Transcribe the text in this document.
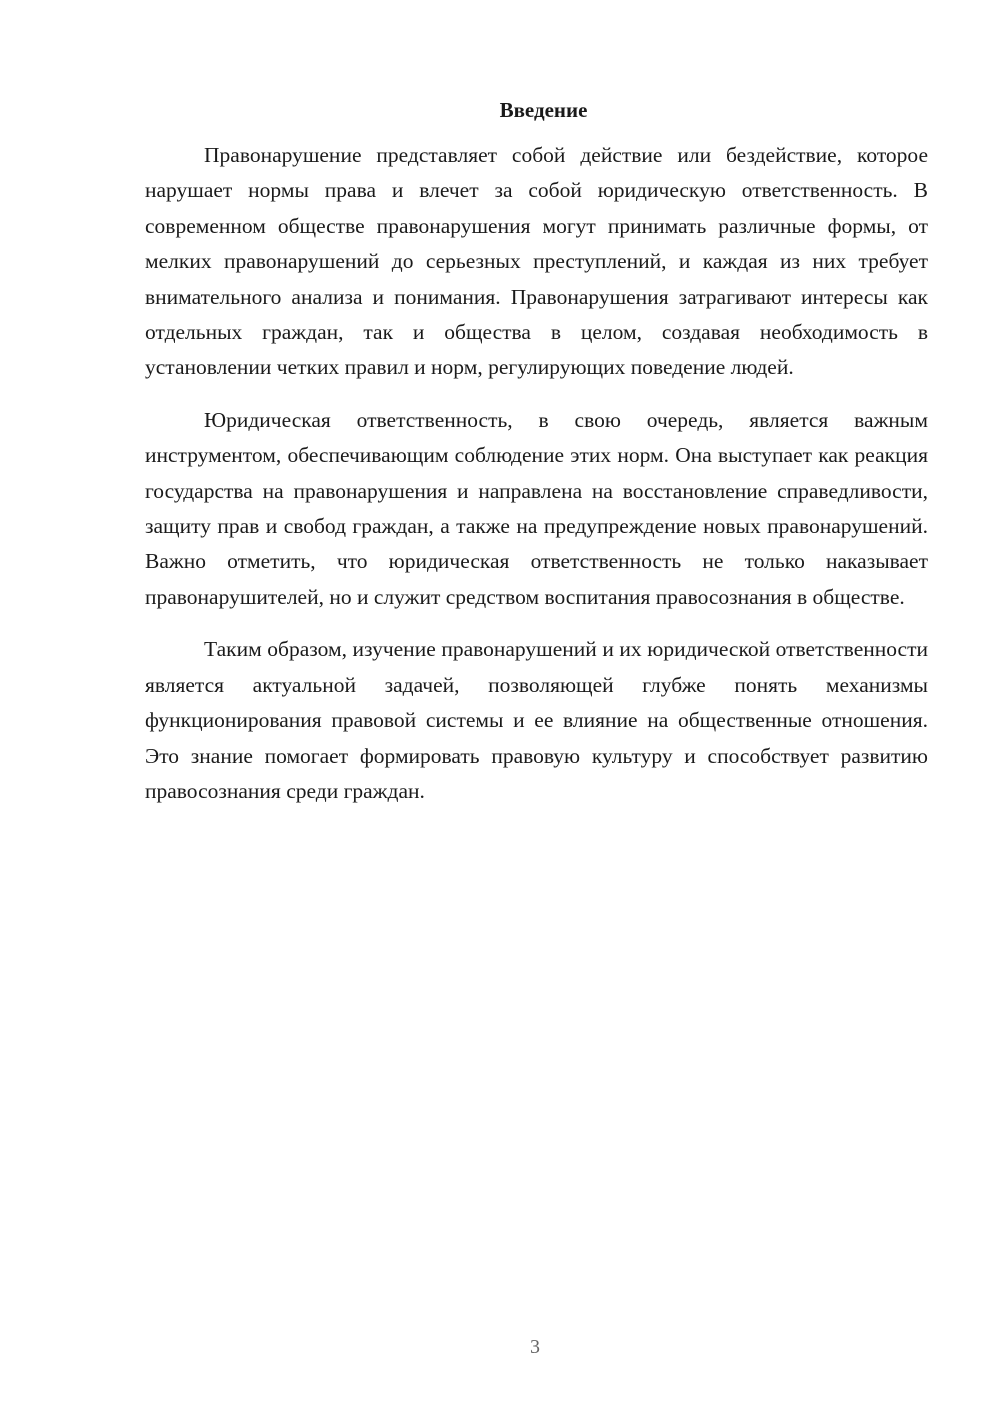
Введение

Правонарушение представляет собой действие или бездействие, которое нарушает нормы права и влечет за собой юридическую ответственность. В современном обществе правонарушения могут принимать различные формы, от мелких правонарушений до серьезных преступлений, и каждая из них требует внимательного анализа и понимания. Правонарушения затрагивают интересы как отдельных граждан, так и общества в целом, создавая необходимость в установлении четких правил и норм, регулирующих поведение людей.

Юридическая ответственность, в свою очередь, является важным инструментом, обеспечивающим соблюдение этих норм. Она выступает как реакция государства на правонарушения и направлена на восстановление справедливости, защиту прав и свобод граждан, а также на предупреждение новых правонарушений. Важно отметить, что юридическая ответственность не только наказывает правонарушителей, но и служит средством воспитания правосознания в обществе.

Таким образом, изучение правонарушений и их юридической ответственности является актуальной задачей, позволяющей глубже понять механизмы функционирования правовой системы и ее влияние на общественные отношения. Это знание помогает формировать правовую культуру и способствует развитию правосознания среди граждан.

3
